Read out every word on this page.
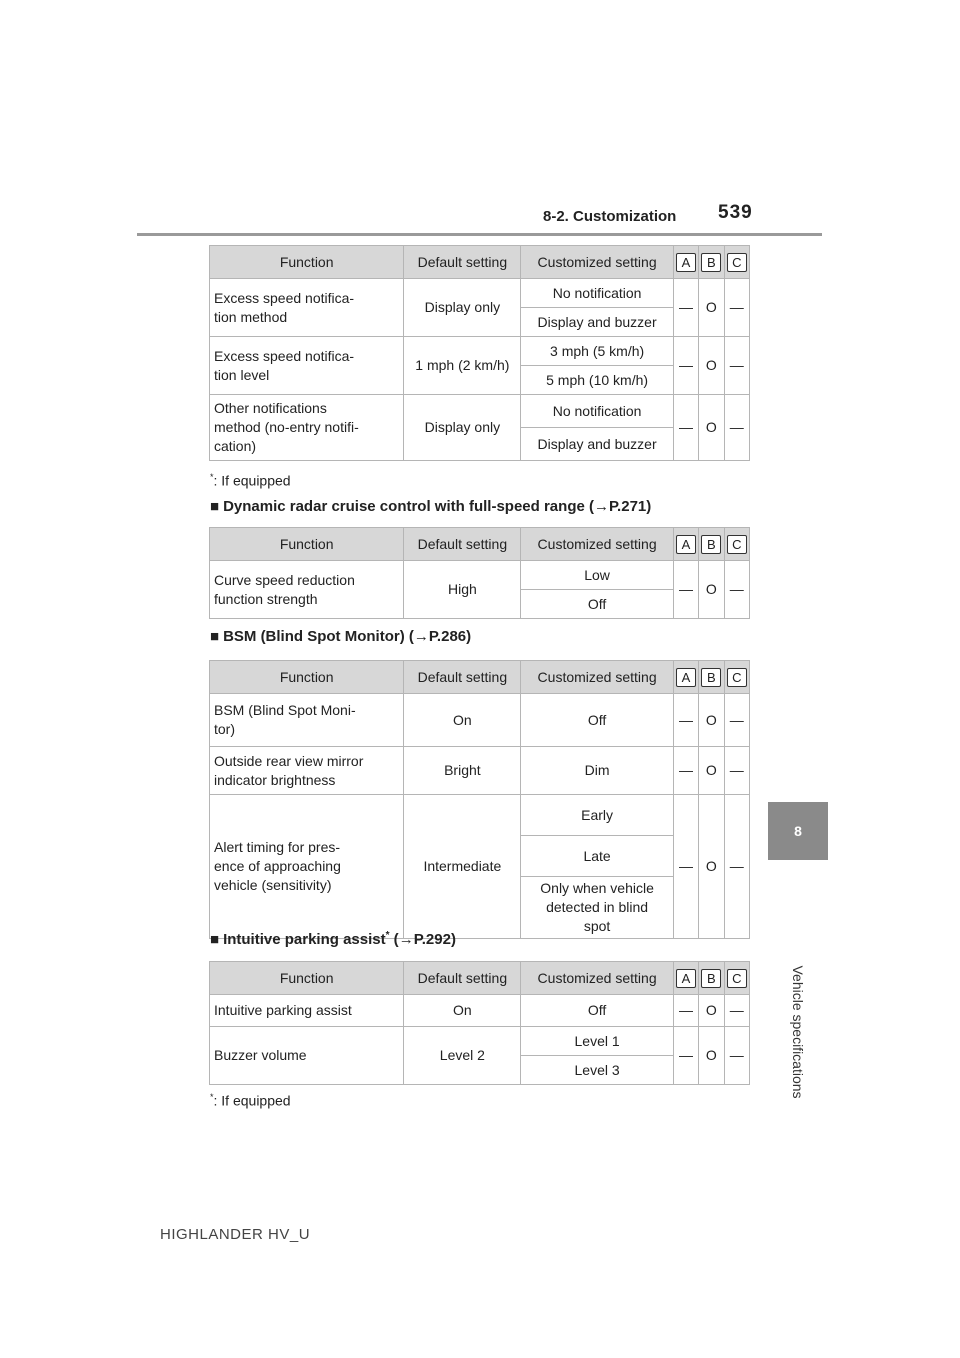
8-2. Customization 539
8
Vehicle specifications
Function	Default setting	Customized setting	A	B	C
Excess speed notifica-
tion method	Display only	No notification	—	O	—
		Display and buzzer			
Excess speed notifica-
tion level	1 mph (2 km/h)	3 mph (5 km/h)	—	O	—
		5 mph (10 km/h)			
Other notifications
method (no-entry notifi-
cation)	Display only	No notification	—	O	—
		Display and buzzer			
*: If equipped
■ Dynamic radar cruise control with full-speed range (→P.271)
Function	Default setting	Customized setting	A	B	C
Curve speed reduction
function strength	High	Low	—	O	—
		Off			
■ BSM (Blind Spot Monitor) (→P.286)
Function	Default setting	Customized setting	A	B	C
BSM (Blind Spot Moni-
tor)	On	Off	—	O	—
Outside rear view mirror
indicator brightness	Bright	Dim	—	O	—
Alert timing for pres-
ence of approaching
vehicle (sensitivity)	Intermediate	Early	—	O	—
		Late			
		Only when vehicle
detected in blind
spot			
■ Intuitive parking assist* (→P.292)
Function	Default setting	Customized setting	A	B	C
Intuitive parking assist	On	Off	—	O	—
Buzzer volume	Level 2	Level 1	—	O	—
		Level 3			
*: If equipped
HIGHLANDER HV_U
